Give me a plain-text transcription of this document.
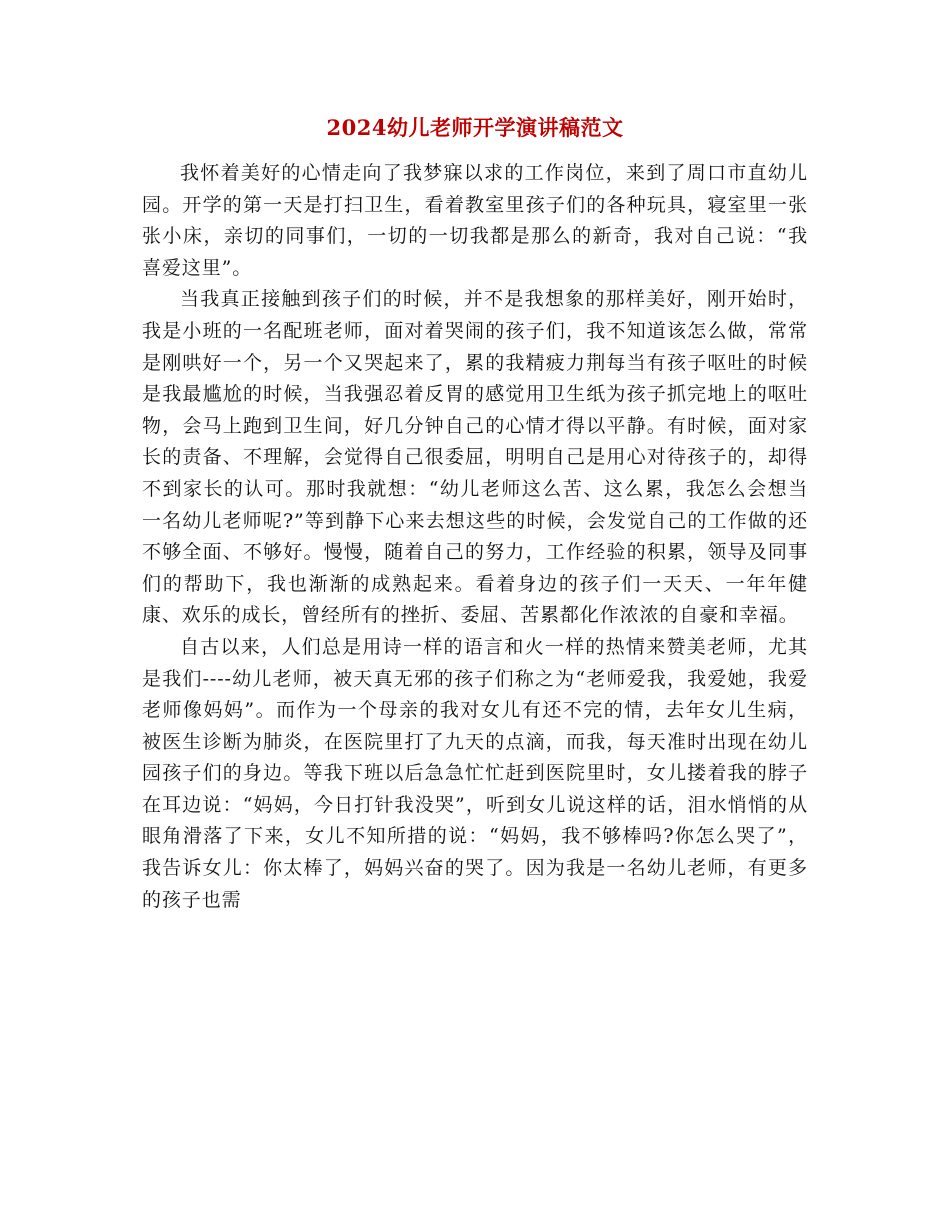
2024幼儿老师开学演讲稿范文

我怀着美好的心情走向了我梦寐以求的工作岗位，来到了周口市直幼儿园。开学的第一天是打扫卫生，看着教室里孩子们的各种玩具，寝室里一张张小床，亲切的同事们，一切的一切我都是那么的新奇，我对自己说：“我喜爱这里”。

当我真正接触到孩子们的时候，并不是我想象的那样美好，刚开始时，我是小班的一名配班老师，面对着哭闹的孩子们，我不知道该怎么做，常常是刚哄好一个，另一个又哭起来了，累的我精疲力荆每当有孩子呕吐的时候是我最尴尬的时候，当我强忍着反胃的感觉用卫生纸为孩子抓完地上的呕吐物，会马上跑到卫生间，好几分钟自己的心情才得以平静。有时候，面对家长的责备、不理解，会觉得自己很委屈，明明自己是用心对待孩子的，却得不到家长的认可。那时我就想：“幼儿老师这么苦、这么累，我怎么会想当一名幼儿老师呢?”等到静下心来去想这些的时候，会发觉自己的工作做的还不够全面、不够好。慢慢，随着自己的努力，工作经验的积累，领导及同事们的帮助下，我也渐渐的成熟起来。看着身边的孩子们一天天、一年年健康、欢乐的成长，曾经所有的挫折、委屈、苦累都化作浓浓的自豪和幸福。

自古以来，人们总是用诗一样的语言和火一样的热情来赞美老师，尤其是我们----幼儿老师，被天真无邪的孩子们称之为“老师爱我，我爱她，我爱老师像妈妈”。而作为一个母亲的我对女儿有还不完的情，去年女儿生病，被医生诊断为肺炎，在医院里打了九天的点滴，而我，每天准时出现在幼儿园孩子们的身边。等我下班以后急急忙忙赶到医院里时，女儿搂着我的脖子在耳边说：“妈妈，今日打针我没哭”，听到女儿说这样的话，泪水悄悄的从眼角滑落了下来，女儿不知所措的说：“妈妈，我不够棒吗?你怎么哭了”，我告诉女儿：你太棒了，妈妈兴奋的哭了。因为我是一名幼儿老师，有更多的孩子也需
